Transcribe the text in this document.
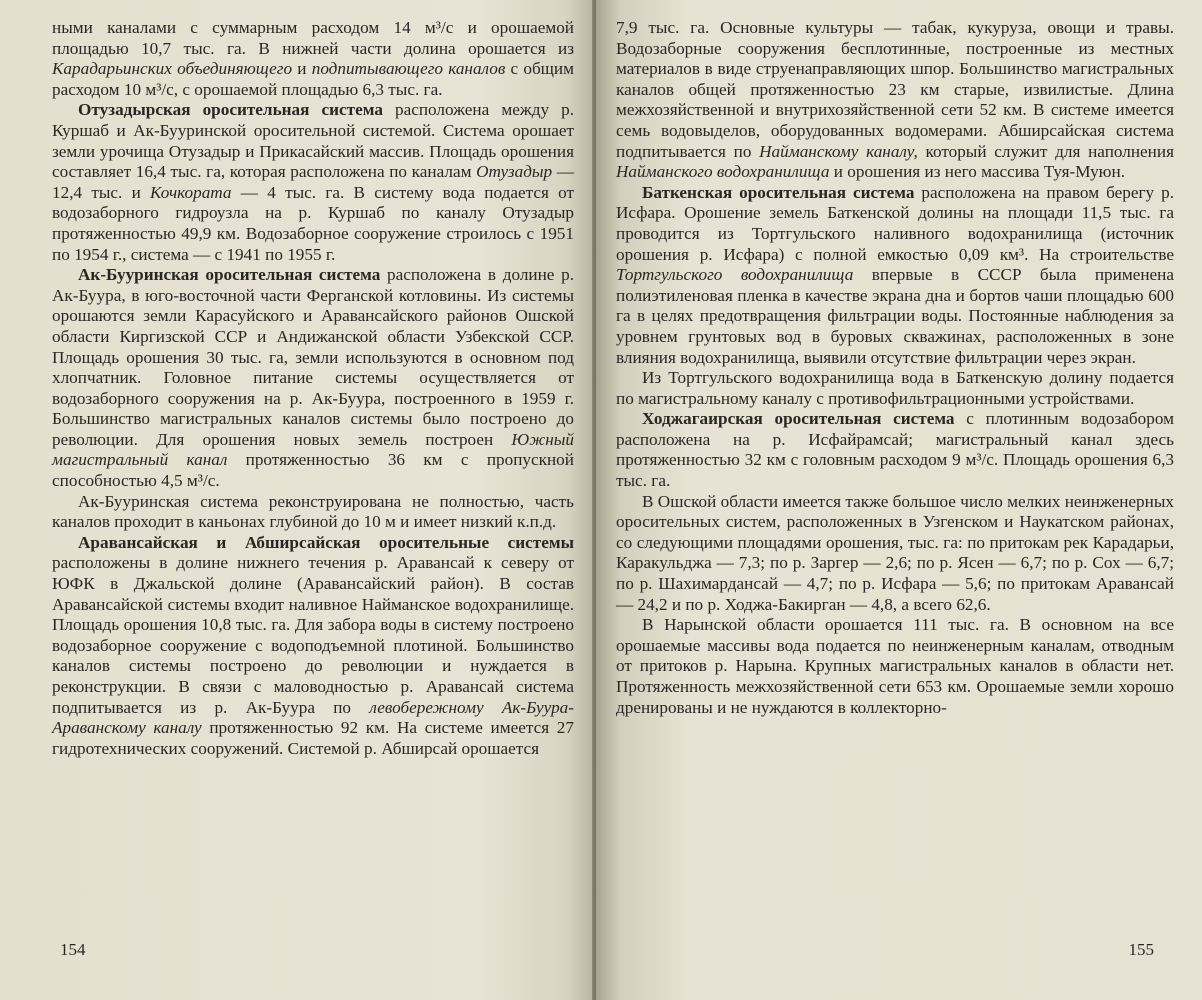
ными каналами с суммарным расходом 14 м³/с и орошаемой площадью 10,7 тыс. га. В нижней части долина орошается из Карадарьинских объединяющего и подпитывающего каналов с общим расходом 10 м³/с, с орошаемой площадью 6,3 тыс. га.

Отузадырская оросительная система расположена между р. Куршаб и Ак-Бууринской оросительной системой. Система орошает земли урочища Отузадыр и Прикасайский массив. Площадь орошения составляет 16,4 тыс. га, которая расположена по каналам Отузадыр — 12,4 тыс. и Кочкората — 4 тыс. га. В систему вода подается от водозаборного гидроузла на р. Куршаб по каналу Отузадыр протяженностью 49,9 км. Водозаборное сооружение строилось с 1951 по 1954 г., система — с 1941 по 1955 г.

Ак-Бууринская оросительная система расположена в долине р. Ак-Буура, в юго-восточной части Ферганской котловины. Из системы орошаются земли Карасуйского и Аравансайского районов Ошской области Киргизской ССР и Андижанской области Узбекской ССР. Площадь орошения 30 тыс. га, земли используются в основном под хлопчатник. Головное питание системы осуществляется от водозаборного сооружения на р. Ак-Буура, построенного в 1959 г. Большинство магистральных каналов системы было построено до революции. Для орошения новых земель построен Южный магистральный канал протяженностью 36 км с пропускной способностью 4,5 м³/с.

Ак-Бууринская система реконструирована не полностью, часть каналов проходит в каньонах глубиной до 10 м и имеет низкий к.п.д.

Аравансайская и Абширсайская оросительные системы расположены в долине нижнего течения р. Аравансай к северу от ЮФК в Джальской долине (Аравансайский район). В состав Аравансайской системы входит наливное Найманское водохранилище. Площадь орошения 10,8 тыс. га. Для забора воды в систему построено водозаборное сооружение с водоподъемной плотиной. Большинство каналов системы построено до революции и нуждается в реконструкции. В связи с маловодностью р. Аравансай система подпитывается из р. Ак-Буура по левобережному Ак-Буура-Араванскому каналу протяженностью 92 км. На системе имеется 27 гидротехнических сооружений. Системой р. Абширсай орошается

154

7,9 тыс. га. Основные культуры — табак, кукуруза, овощи и травы. Водозаборные сооружения бесплотинные, построенные из местных материалов в виде струенаправляющих шпор. Большинство магистральных каналов общей протяженностью 23 км старые, извилистые. Длина межхозяйственной и внутрихозяйственной сети 52 км. В системе имеется семь водовыделов, оборудованных водомерами. Абширсайская система подпитывается по Найманскому каналу, который служит для наполнения Найманского водохранилища и орошения из него массива Туя-Муюн.

Баткенская оросительная система расположена на правом берегу р. Исфара. Орошение земель Баткенской долины на площади 11,5 тыс. га проводится из Тортгульского наливного водохранилища (источник орошения р. Исфара) с полной емкостью 0,09 км³. На строительстве Тортгульского водохранилища впервые в СССР была применена полиэтиленовая пленка в качестве экрана дна и бортов чаши площадью 600 га в целях предотвращения фильтрации воды. Постоянные наблюдения за уровнем грунтовых вод в буровых скважинах, расположенных в зоне влияния водохранилища, выявили отсутствие фильтрации через экран.

Из Тортгульского водохранилища вода в Баткенскую долину подается по магистральному каналу с противофильтрационными устройствами.

Ходжагаирская оросительная система с плотинным водозабором расположена на р. Исфайрамсай; магистральный канал здесь протяженностью 32 км с головным расходом 9 м³/с. Площадь орошения 6,3 тыс. га.

В Ошской области имеется также большое число мелких неинженерных оросительных систем, расположенных в Узгенском и Наукатском районах, со следующими площадями орошения, тыс. га: по притокам рек Карадарьи, Каракульджа — 7,3; по р. Заргер — 2,6; по р. Ясен — 6,7; по р. Сох — 6,7; по р. Шахимардансай — 4,7; по р. Исфара — 5,6; по притокам Аравансай — 24,2 и по р. Ходжа-Бакирган — 4,8, а всего 62,6.

В Нарынской области орошается 111 тыс. га. В основном на все орошаемые массивы вода подается по неинженерным каналам, отводным от притоков р. Нарына. Крупных магистральных каналов в области нет. Протяженность межхозяйственной сети 653 км. Орошаемые земли хорошо дренированы и не нуждаются в коллекторно-

155
